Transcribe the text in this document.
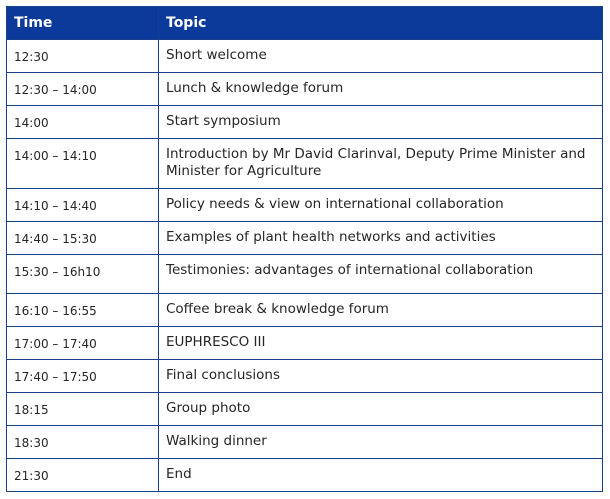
Time	Topic
12:30	Short welcome
12:30 – 14:00	Lunch & knowledge forum
14:00	Start symposium
14:00 – 14:10	Introduction by Mr David Clarinval, Deputy Prime Minister and Minister for Agriculture
14:10 – 14:40	Policy needs & view on international collaboration
14:40 – 15:30	Examples of plant health networks and activities
15:30 – 16h10	Testimonies: advantages of international collaboration
16:10 – 16:55	Coffee break & knowledge forum
17:00 – 17:40	EUPHRESCO III
17:40 – 17:50	Final conclusions
18:15	Group photo
18:30	Walking dinner
21:30	End
